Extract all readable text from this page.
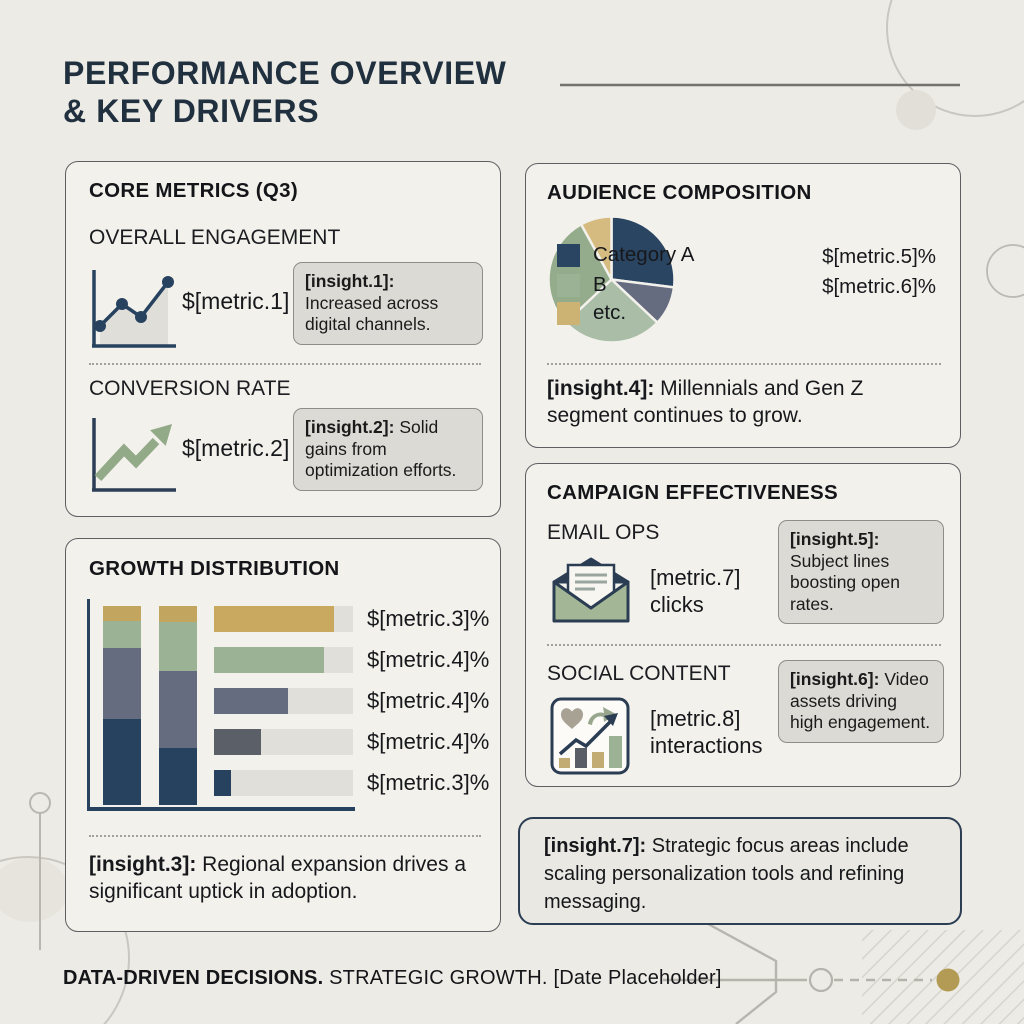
PERFORMANCE OVERVIEW
& KEY DRIVERS
CORE METRICS (Q3)
OVERALL ENGAGEMENT
$[metric.1]
[insight.1]: Increased across digital channels.
CONVERSION RATE
$[metric.2]
[insight.2]: Solid gains from optimization efforts.
AUDIENCE COMPOSITION
Category A	$[metric.5]%
B	$[metric.6]%
etc.
[insight.4]: Millennials and Gen Z segment continues to grow.
GROWTH DISTRIBUTION
$[metric.3]%
$[metric.4]%
$[metric.4]%
$[metric.4]%
$[metric.3]%
[insight.3]: Regional expansion drives a significant uptick in adoption.
CAMPAIGN EFFECTIVENESS
EMAIL OPS
[metric.7]
clicks
[insight.5]: Subject lines boosting open rates.
SOCIAL CONTENT
[metric.8]
interactions
[insight.6]: Video assets driving high engagement.
[insight.7]: Strategic focus areas include scaling personalization tools and refining messaging.
DATA-DRIVEN DECISIONS. STRATEGIC GROWTH. [Date Placeholder]
